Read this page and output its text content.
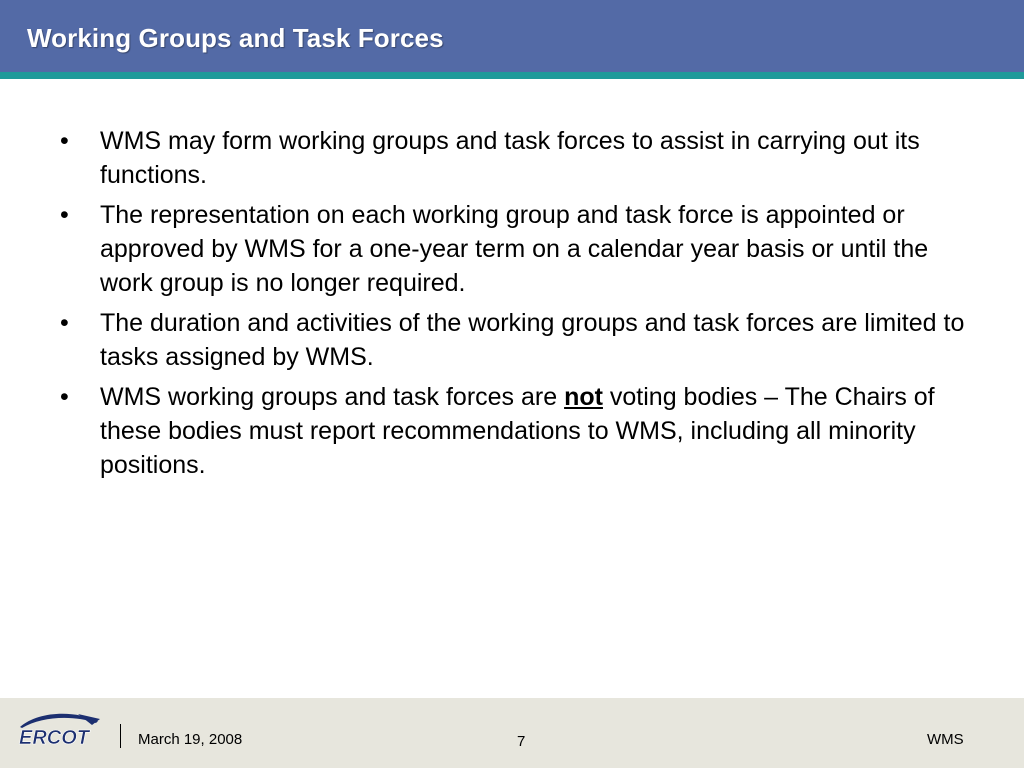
Working Groups and Task Forces
•
WMS may form working groups and task forces to assist in carrying out its functions.
•
The representation on each working group and task force is appointed or approved by WMS for a one-year term on a calendar year basis or until the work group is no longer required.
•
The duration and activities of the working groups and task forces are limited to tasks assigned by WMS.
•
WMS working groups and task forces are not voting bodies – The Chairs of these bodies must report recommendations to WMS, including all minority positions.
ERCOT	March 19, 2008	7	WMS
